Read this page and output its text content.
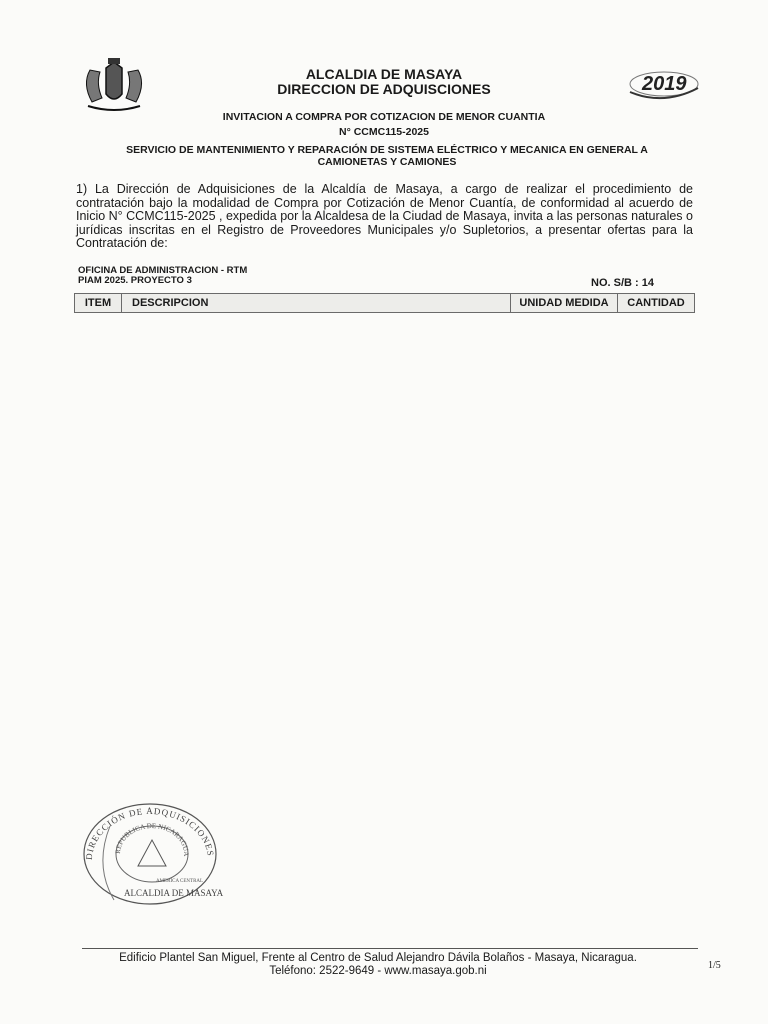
2019
ALCALDIA DE MASAYA
DIRECCION DE ADQUISCIONES
INVITACION A COMPRA POR COTIZACION DE MENOR CUANTIA
N° CCMC115-2025
SERVICIO DE MANTENIMIENTO Y REPARACIÓN DE SISTEMA ELÉCTRICO Y MECANICA EN GENERAL A CAMIONETAS Y CAMIONES
1) La Dirección de Adquisiciones de la Alcaldía de Masaya, a cargo de realizar el procedimiento de contratación bajo la modalidad de Compra por Cotización de Menor Cuantía, de conformidad al acuerdo de Inicio N° CCMC115-2025 , expedida por la Alcaldesa de la Ciudad de Masaya, invita a las personas naturales o jurídicas inscritas en el Registro de Proveedores Municipales y/o Supletorios, a presentar ofertas para la Contratación de:
OFICINA DE ADMINISTRACION - RTM
PIAM 2025. PROYECTO 3	NO. S/B : 14
ITEM	DESCRIPCION	UNIDAD MEDIDA	CANTIDAD
DIRECCIÓN DE ADQUISICIONES
REPUBLICA DE NICARAGUA
AMERICA CENTRAL
ALCALDIA DE MASAYA
Edificio Plantel San Miguel, Frente al Centro de Salud Alejandro Dávila Bolaños - Masaya, Nicaragua.
Teléfono: 2522-9649 - www.masaya.gob.ni	1/5
